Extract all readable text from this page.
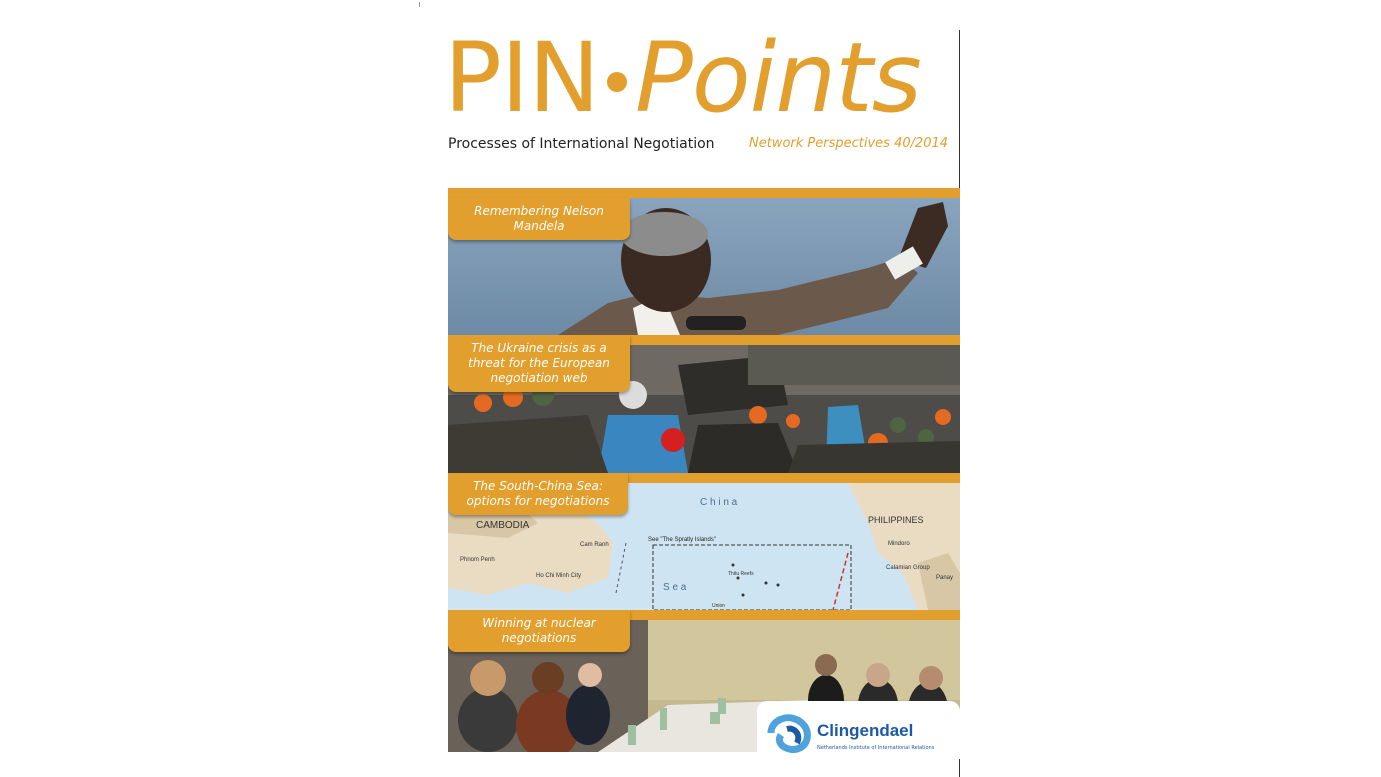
PIN Points
Processes of International Negotiation	Network Perspectives 40/2014
Remembering Nelson Mandela
The Ukraine crisis as a threat for the European negotiation web
CAMBODIA
C h i n a
PHILIPPINES
See "The Spratly Islands"
S e a
Phnom Penh
Ho Chi Minh City
Cam Ranh	Mindoro
Calamian Group
Panay
Thitu Reefs
Union
The South-China Sea: options for negotiations
Winning at nuclear negotiations
Clingendael
Netherlands Institute of International Relations
